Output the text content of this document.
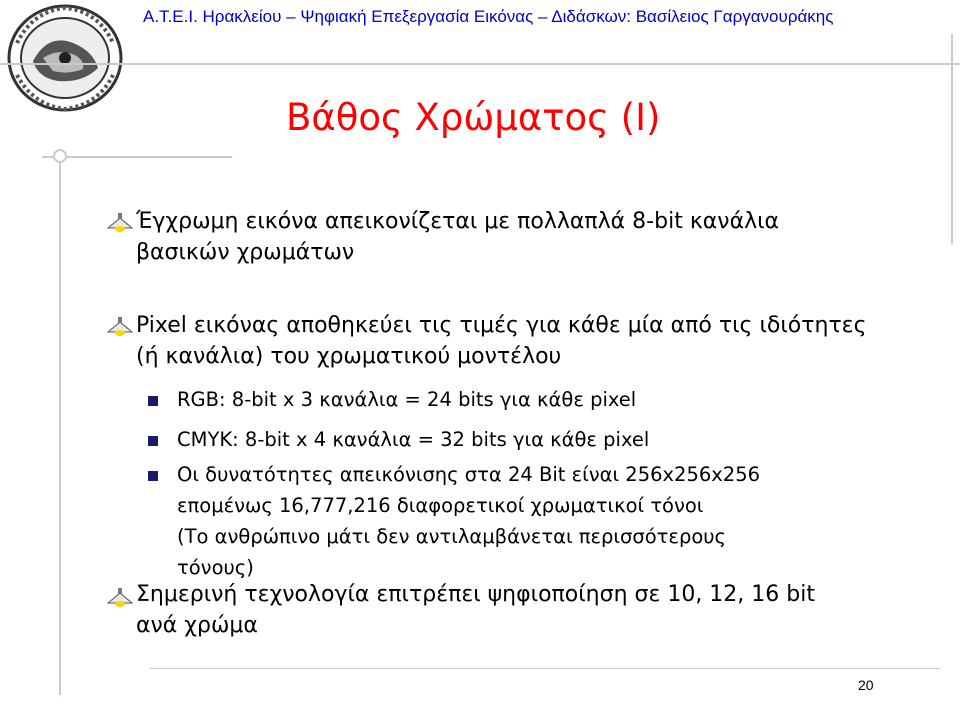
Α.Τ.Ε.Ι. Ηρακλείου – Ψηφιακή Επεξεργασία Εικόνας – Διδάσκων: Βασίλειος Γαργανουράκης
Βάθος Χρώματος (Ι)
Έγχρωμη εικόνα απεικονίζεται με πολλαπλά 8-bit κανάλια
βασικών χρωμάτων
Pixel εικόνας αποθηκεύει τις τιμές για κάθε μία από τις ιδιότητες
(ή κανάλια) του χρωματικού μοντέλου
RGB: 8-bit x 3 κανάλια = 24 bits για κάθε pixel
CMYK: 8-bit x 4 κανάλια = 32 bits για κάθε pixel
Οι δυνατότητες απεικόνισης στα 24 Bit είναι 256x256x256
επομένως 16,777,216 διαφορετικοί χρωματικοί τόνοι
(Το ανθρώπινο μάτι δεν αντιλαμβάνεται περισσότερους
τόνους)
Σημερινή τεχνολογία επιτρέπει ψηφιοποίηση σε 10, 12, 16 bit
ανά χρώμα
20
